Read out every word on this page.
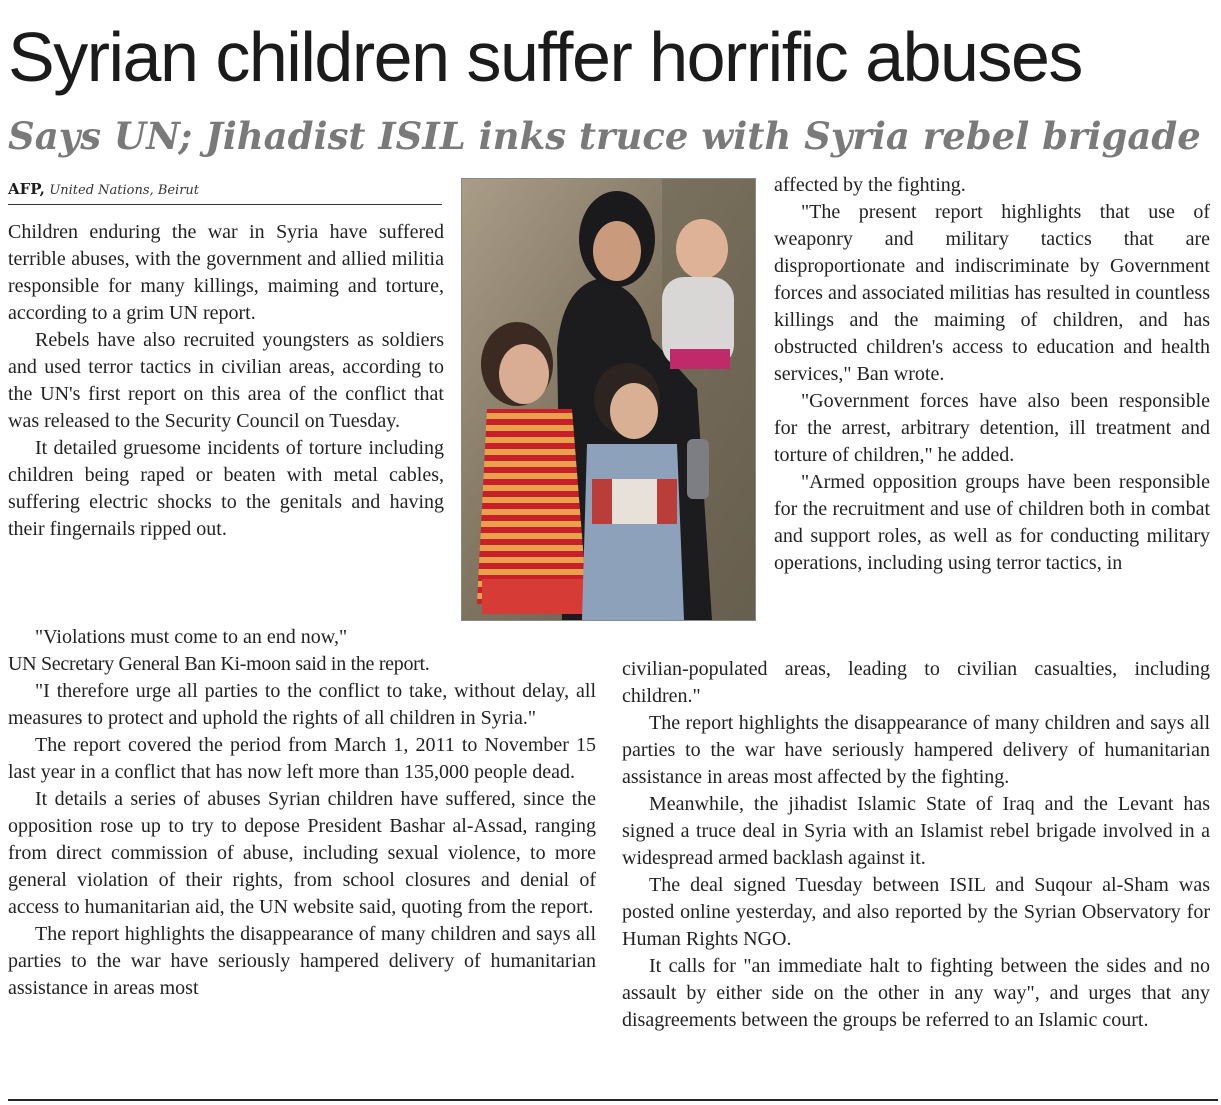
Syrian children suffer horrific abuses
Says UN; Jihadist ISIL inks truce with Syria rebel brigade
AFP, United Nations, Beirut

Children enduring the war in Syria have suffered terrible abuses, with the government and allied militia responsible for many killings, maiming and torture, according to a grim UN report.

Rebels have also recruited youngsters as soldiers and used terror tactics in civilian areas, according to the UN's first report on this area of the conflict that was released to the Security Council on Tuesday.

It detailed gruesome incidents of torture including children being raped or beaten with metal cables, suffering electric shocks to the genitals and having their fingernails ripped out.

"Violations must come to an end now,"

UN Secretary General Ban Ki-moon said in the report.

"I therefore urge all parties to the conflict to take, without delay, all measures to protect and uphold the rights of all children in Syria."

The report covered the period from March 1, 2011 to November 15 last year in a conflict that has now left more than 135,000 people dead.

It details a series of abuses Syrian children have suffered, since the opposition rose up to try to depose President Bashar al-Assad, ranging from direct commission of abuse, including sexual violence, to more general violation of their rights, from school closures and denial of access to humanitarian aid, the UN website said, quoting from the report.

The report highlights the disappearance of many children and says all parties to the war have seriously hampered delivery of humanitarian assistance in areas most

affected by the fighting.

"The present report highlights that use of weaponry and military tactics that are disproportionate and indiscriminate by Government forces and associated militias has resulted in countless killings and the maiming of children, and has obstructed children's access to education and health services," Ban wrote.

"Government forces have also been responsible for the arrest, arbitrary detention, ill treatment and torture of children," he added.

"Armed opposition groups have been responsible for the recruitment and use of children both in combat and support roles, as well as for conducting military operations, including using terror tactics, in

civilian-populated areas, leading to civilian casualties, including children."

The report highlights the disappearance of many children and says all parties to the war have seriously hampered delivery of humanitarian assistance in areas most affected by the fighting.

Meanwhile, the jihadist Islamic State of Iraq and the Levant has signed a truce deal in Syria with an Islamist rebel brigade involved in a widespread armed backlash against it.

The deal signed Tuesday between ISIL and Suqour al-Sham was posted online yesterday, and also reported by the Syrian Observatory for Human Rights NGO.

It calls for "an immediate halt to fighting between the sides and no assault by either side on the other in any way", and urges that any disagreements between the groups be referred to an Islamic court.
